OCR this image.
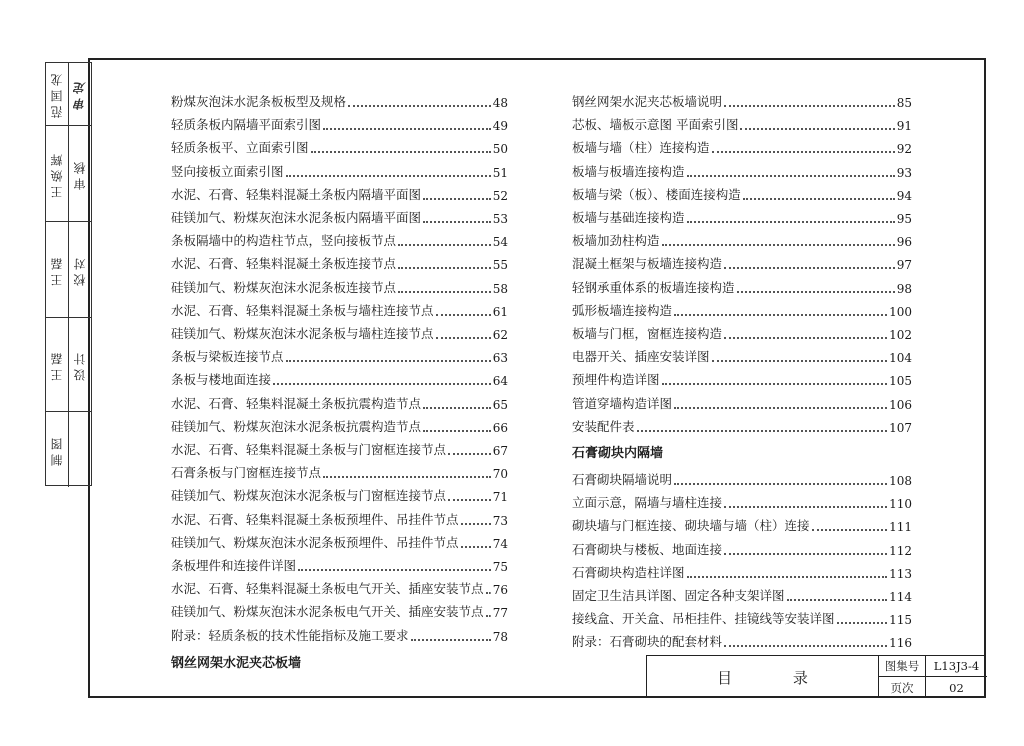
范国龙 审定
王焕辉 审核
王磊 校对
王磊 设计
制图
粉煤灰泡沫水泥条板板型及规格	48
轻质条板内隔墙平面索引图	49
轻质条板平、立面索引图	50
竖向接板立面索引图	51
水泥、石膏、轻集料混凝土条板内隔墙平面图	52
硅镁加气、粉煤灰泡沫水泥条板内隔墙平面图	53
条板隔墙中的构造柱节点，竖向接板节点	54
水泥、石膏、轻集料混凝土条板连接节点	55
硅镁加气、粉煤灰泡沫水泥条板连接节点	58
水泥、石膏、轻集料混凝土条板与墙柱连接节点	61
硅镁加气、粉煤灰泡沫水泥条板与墙柱连接节点	62
条板与梁板连接节点	63
条板与楼地面连接	64
水泥、石膏、轻集料混凝土条板抗震构造节点	65
硅镁加气、粉煤灰泡沫水泥条板抗震构造节点	66
水泥、石膏、轻集料混凝土条板与门窗框连接节点	67
石膏条板与门窗框连接节点	70
硅镁加气、粉煤灰泡沫水泥条板与门窗框连接节点	71
水泥、石膏、轻集料混凝土条板预埋件、吊挂件节点	73
硅镁加气、粉煤灰泡沫水泥条板预埋件、吊挂件节点	74
条板埋件和连接件详图	75
水泥、石膏、轻集料混凝土条板电气开关、插座安装节点 76
硅镁加气、粉煤灰泡沫水泥条板电气开关、插座安装节点 77
附录：轻质条板的技术性能指标及施工要求	78
钢丝网架水泥夹芯板墙
钢丝网架水泥夹芯板墙说明	85
芯板、墙板示意图 平面索引图	91
板墙与墙（柱）连接构造	92
板墙与板墙连接构造	93
板墙与梁（板）、楼面连接构造	94
板墙与基础连接构造	95
板墙加劲柱构造	96
混凝土框架与板墙连接构造	97
轻钢承重体系的板墙连接构造	98
弧形板墙连接构造	100
板墙与门框，窗框连接构造	102
电器开关、插座安装详图	104
预埋件构造详图	105
管道穿墙构造详图	106
安装配件表	107
石膏砌块内隔墙
石膏砌块隔墙说明	108
立面示意，隔墙与墙柱连接	110
砌块墙与门框连接、砌块墙与墙（柱）连接	111
石膏砌块与楼板、地面连接	112
石膏砌块构造柱详图	113
固定卫生洁具详图、固定各种支架详图	114
接线盒、开关盒、吊柜挂件、挂镜线等安装详图	115
附录：石膏砌块的配套材料	116
目 录
图集号	L13J3-4
页次	02
